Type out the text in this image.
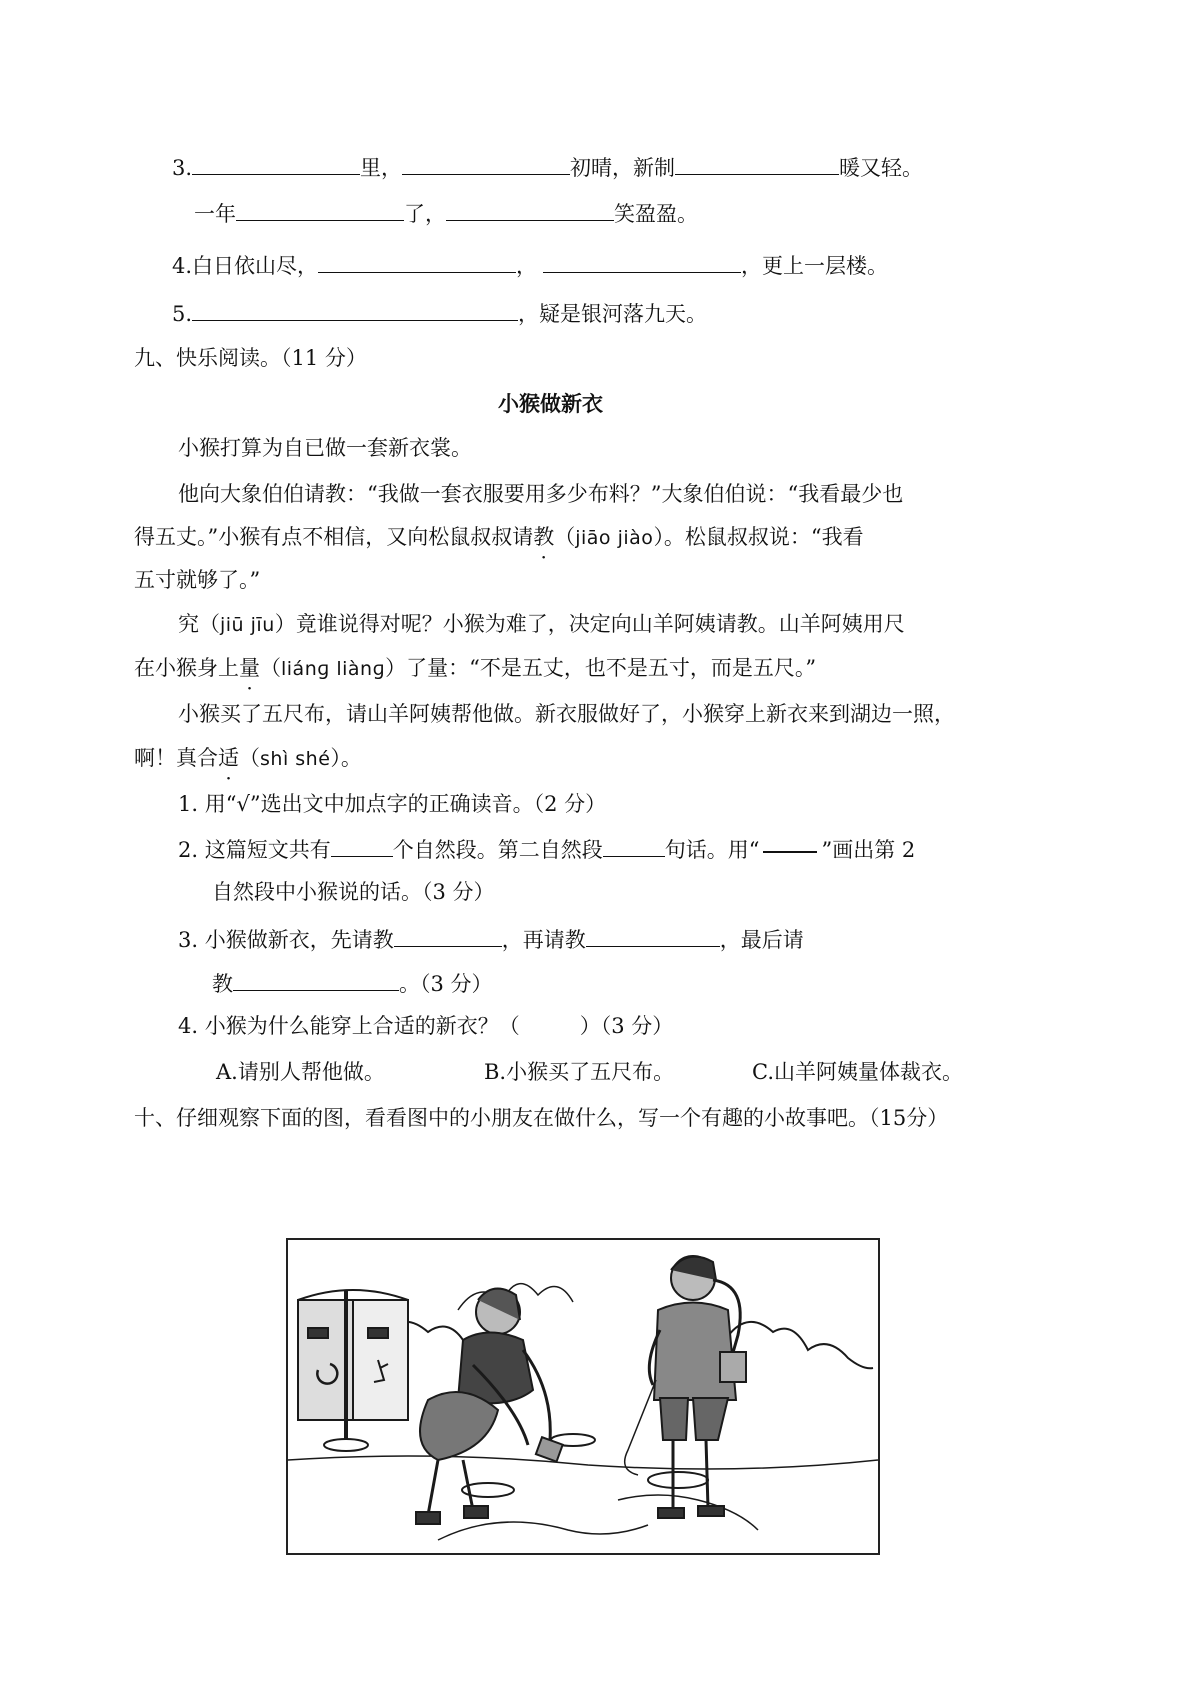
3.	里，	初晴，新制	暖又轻。
一年	了，	笑盈盈。
4.白日依山尽，	，	，更上一层楼。
5.	，疑是银河落九天。
九、快乐阅读。（11 分）
小猴做新衣
小猴打算为自已做一套新衣裳。
他向大象伯伯请教：“我做一套衣服要用多少布料？”大象伯伯说：“我看最少也
得五丈。”小猴有点不相信，又向松鼠叔叔请教（jiāo jiào）。松鼠叔叔说：“我看
五寸就够了。”
究（jiū jīu）竟谁说得对呢？小猴为难了，决定向山羊阿姨请教。山羊阿姨用尺
在小猴身上量（liánɡ liànɡ）了量：“不是五丈，也不是五寸，而是五尺。”
小猴买了五尺布，请山羊阿姨帮他做。新衣服做好了，小猴穿上新衣来到湖边一照，
啊！真合适（shì shé）。
1. 用“√”选出文中加点字的正确读音。（2 分）
2. 这篇短文共有	个自然段。第二自然段	句话。用“	”画出第 2
自然段中小猴说的话。（3 分）
3. 小猴做新衣，先请教	，再请教	，最后请
教	。（3 分）
4. 小猴为什么能穿上合适的新衣？（	）（3 分）
A.请别人帮他做。	B.小猴买了五尺布。	C.山羊阿姨量体裁衣。
十、仔细观察下面的图，看看图中的小朋友在做什么，写一个有趣的小故事吧。（15分）
